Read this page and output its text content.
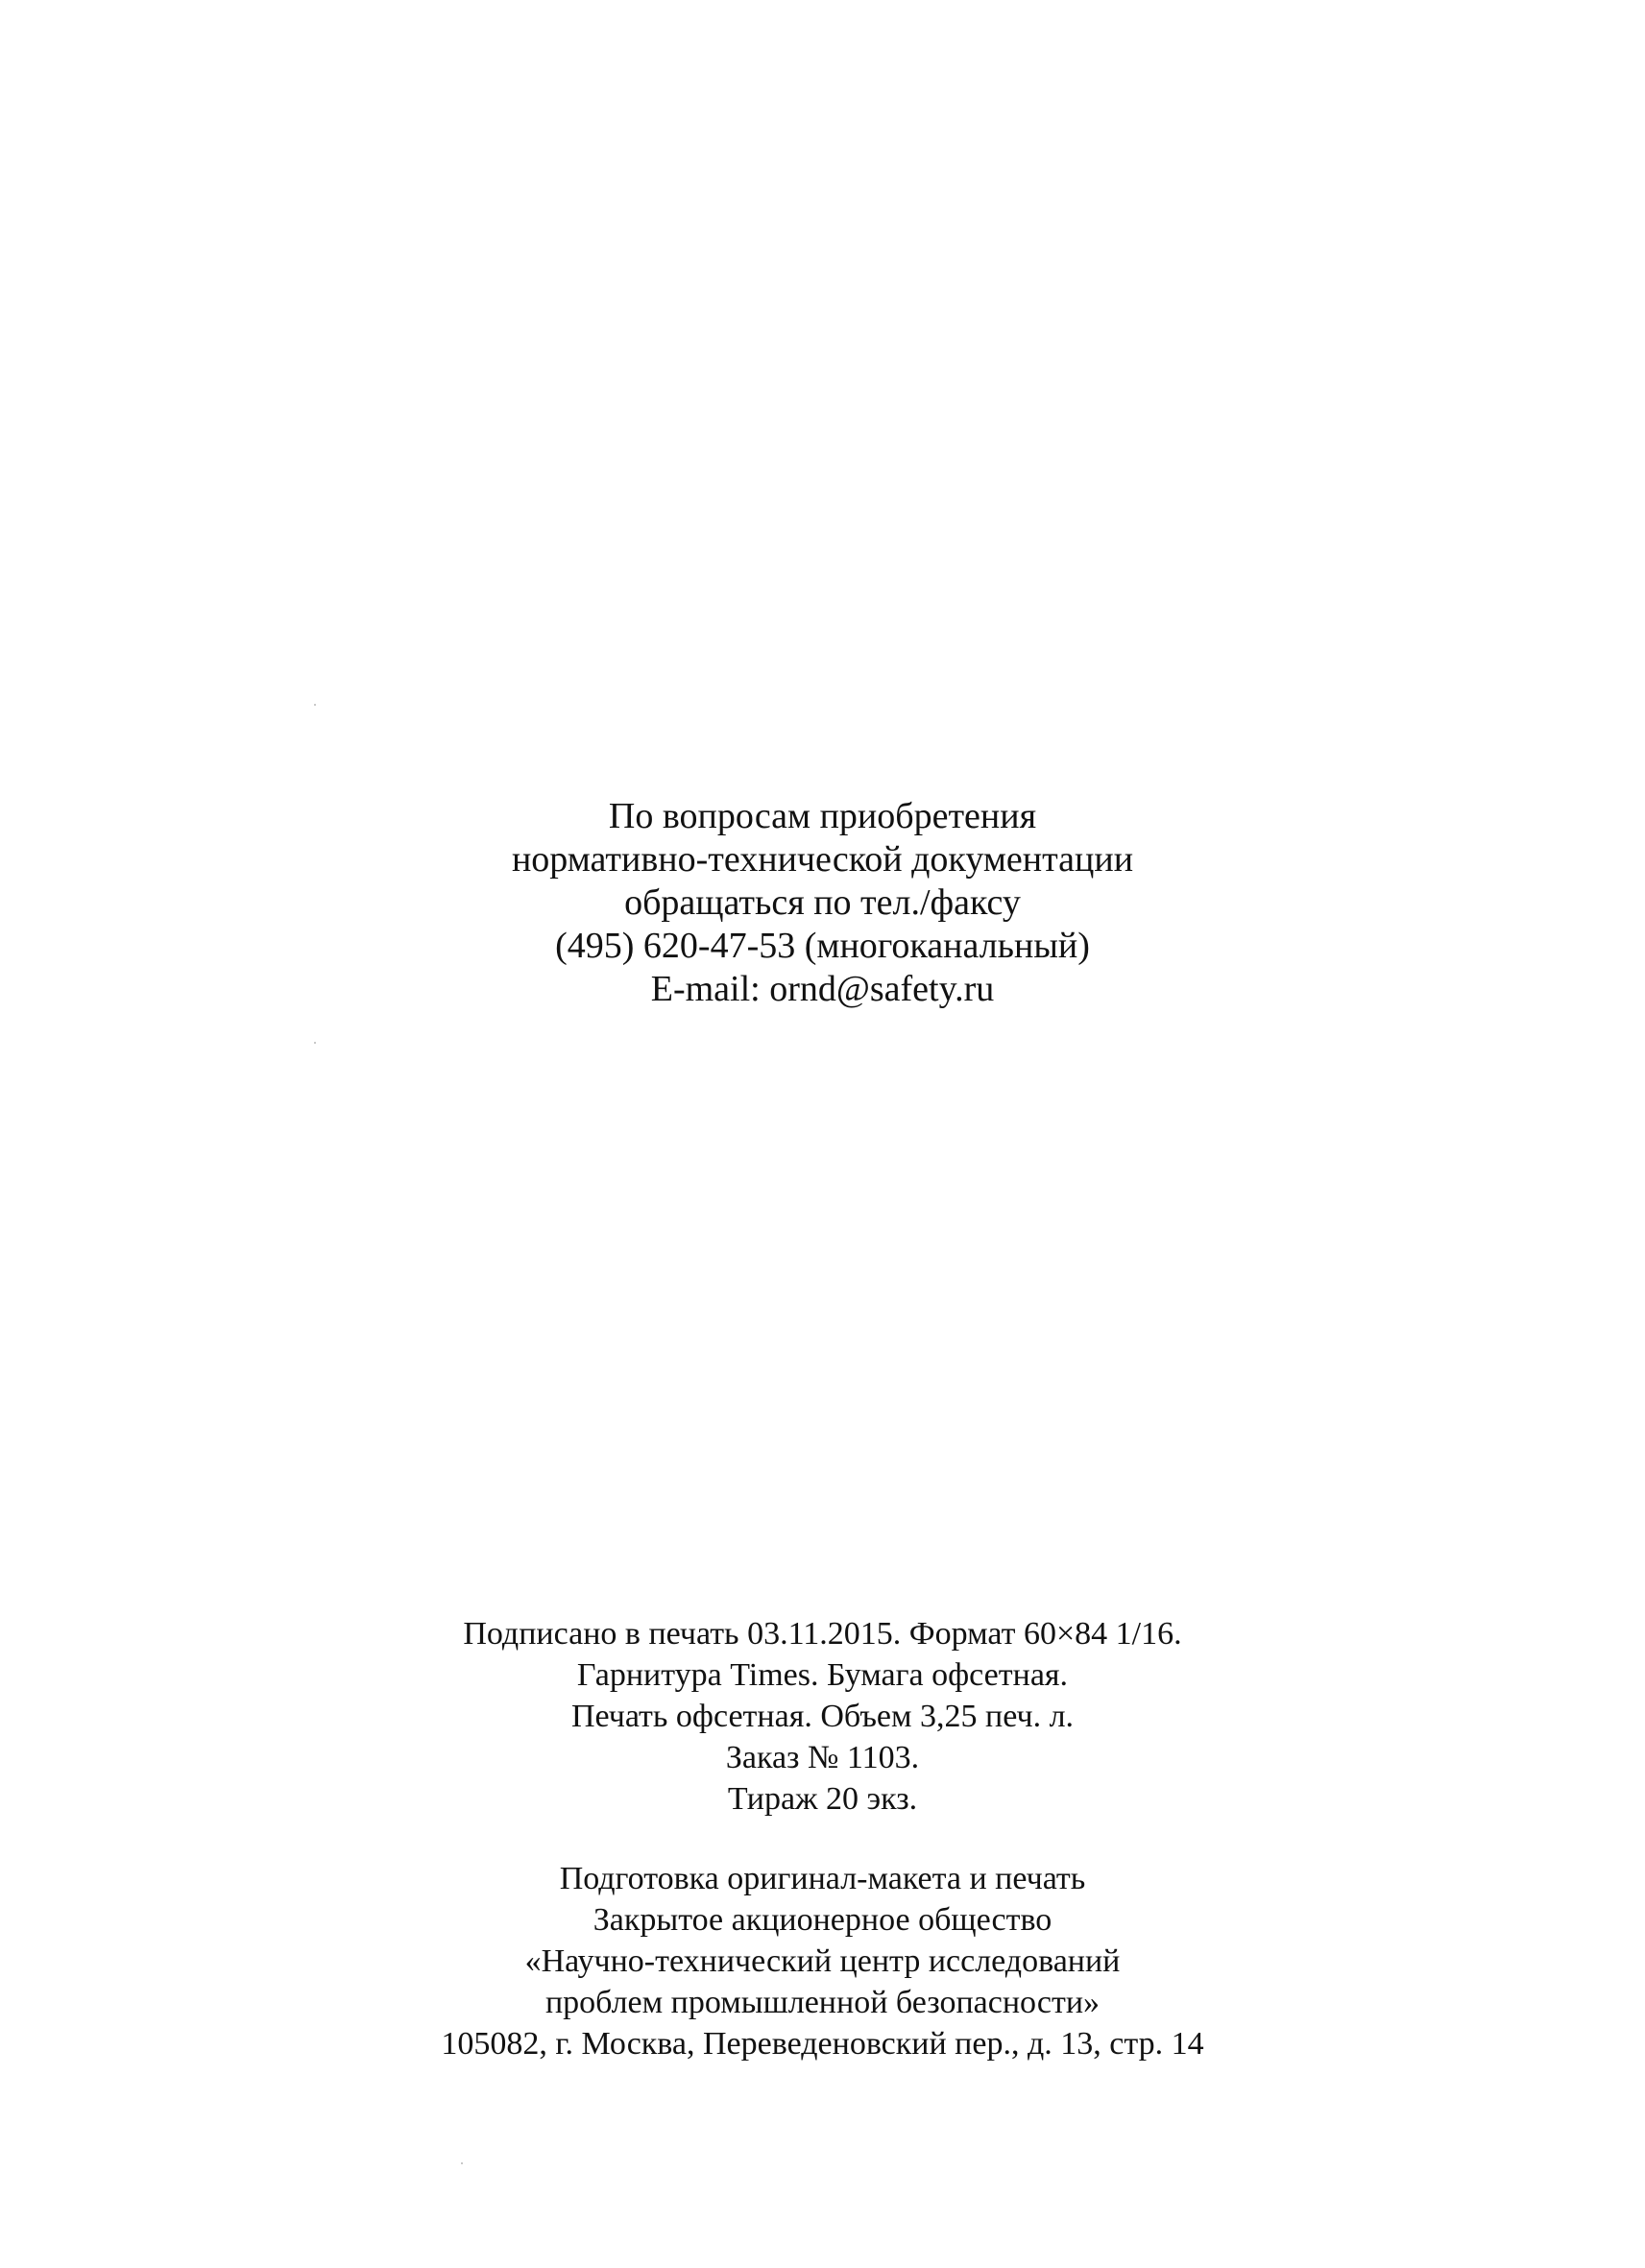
По вопросам приобретения
нормативно-технической документации
обращаться по тел./факсу
(495) 620-47-53 (многоканальный)
E-mail: ornd@safety.ru
Подписано в печать 03.11.2015. Формат 60×84 1/16.
Гарнитура Times. Бумага офсетная.
Печать офсетная. Объем 3,25 печ. л.
Заказ № 1103.
Тираж 20 экз.
Подготовка оригинал-макета и печать
Закрытое акционерное общество
«Научно-технический центр исследований
проблем промышленной безопасности»
105082, г. Москва, Переведеновский пер., д. 13, стр. 14
